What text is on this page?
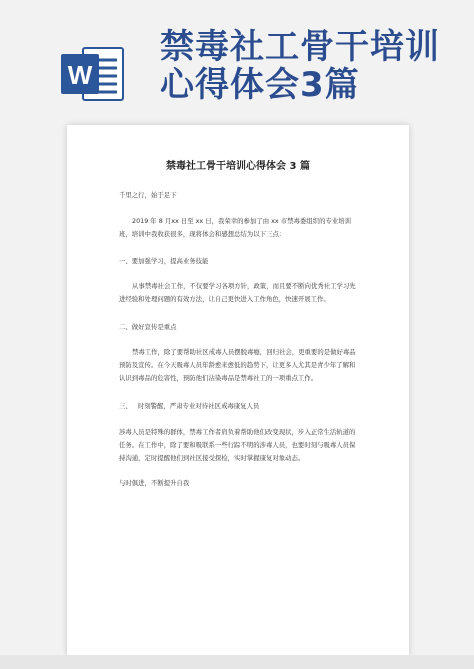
W
禁毒社工骨干培训
心得体会3篇
禁毒社工骨干培训心得体会 3 篇

千里之行，始于足下

2019 年 8 月xx 日至 xx 日，我荣幸的参加了由 xx 市禁毒委组织的专业培训班，培训中我收获很多，现将体会和感想总结为以下三点：

一、要加强学习，提高业务技能

从事禁毒社会工作，不仅要学习各项方针，政策，而且要不断向优秀社工学习先进经验和处理问题的有效方法，让自己更快进入工作角色，快速开展工作。

二、做好宣传是重点

禁毒工作，除了要帮助社区戒毒人员摆脱毒瘾，回归社会，更重要的是做好毒品预防及宣传。在今天吸毒人员年龄愈来愈低的趋势下，让更多人尤其是青少年了解和认识到毒品的危害性，预防他们沾染毒品是禁毒社工的一项重点工作。

三、   时刻警醒，严肃专业对待社区戒毒康复人员

涉毒人员是特殊的群体，禁毒工作者肩负着帮助他们改变现状，步入正常生活轨道的任务。在工作中，除了要和吸联系一些行踪不明的涉毒人员，也要时刻与吸毒人员保持沟通，定时提醒他们到社区接受探检，实时掌握康复对象动态。

与时俱进，不断提升自我
